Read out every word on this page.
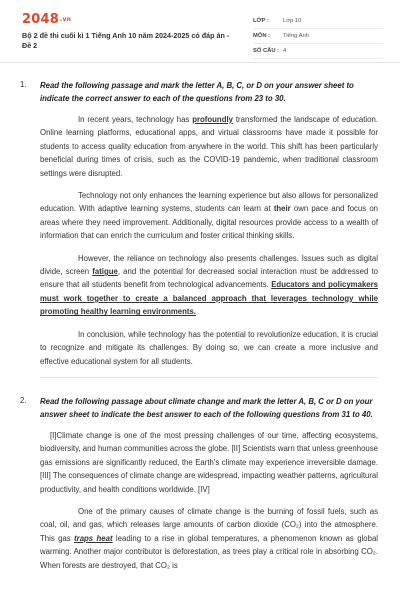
2048.vn
Bộ 2 đề thi cuối kì 1 Tiếng Anh 10 năm 2024-2025 có đáp án - Đề 2
LỚP :	Lớp 10
MÔN :	Tiếng Anh
SỐ CÂU : 4
1. Read the following passage and mark the letter A, B, C, or D on your answer sheet to indicate the correct answer to each of the questions from 23 to 30.

In recent years, technology has profoundly transformed the landscape of education. Online learning platforms, educational apps, and virtual classrooms have made it possible for students to access quality education from anywhere in the world. This shift has been particularly beneficial during times of crisis, such as the COVID-19 pandemic, when traditional classroom settings were disrupted.

Technology not only enhances the learning experience but also allows for personalized education. With adaptive learning systems, students can learn at their own pace and focus on areas where they need improvement. Additionally, digital resources provide access to a wealth of information that can enrich the curriculum and foster critical thinking skills.

However, the reliance on technology also presents challenges. Issues such as digital divide, screen fatigue, and the potential for decreased social interaction must be addressed to ensure that all students benefit from technological advancements. Educators and policymakers must work together to create a balanced approach that leverages technology while promoting healthy learning environments.

In conclusion, while technology has the potential to revolutionize education, it is crucial to recognize and mitigate its challenges. By doing so, we can create a more inclusive and effective educational system for all students.

2. Read the following passage about climate change and mark the letter A, B, C or D on your answer sheet to indicate the best answer to each of the following questions from 31 to 40.

[I]Climate change is one of the most pressing challenges of our time, affecting ecosystems, biodiversity, and human communities across the globe. [II] Scientists warn that unless greenhouse gas emissions are significantly reduced, the Earth's climate may experience irreversible damage. [III] The consequences of climate change are widespread, impacting weather patterns, agricultural productivity, and health conditions worldwide. [IV]

One of the primary causes of climate change is the burning of fossil fuels, such as coal, oil, and gas, which releases large amounts of carbon dioxide (CO₂) into the atmosphere. This gas traps heat leading to a rise in global temperatures, a phenomenon known as global warming. Another major contributor is deforestation, as trees play a critical role in absorbing CO₂. When forests are destroyed, that CO₂ is
